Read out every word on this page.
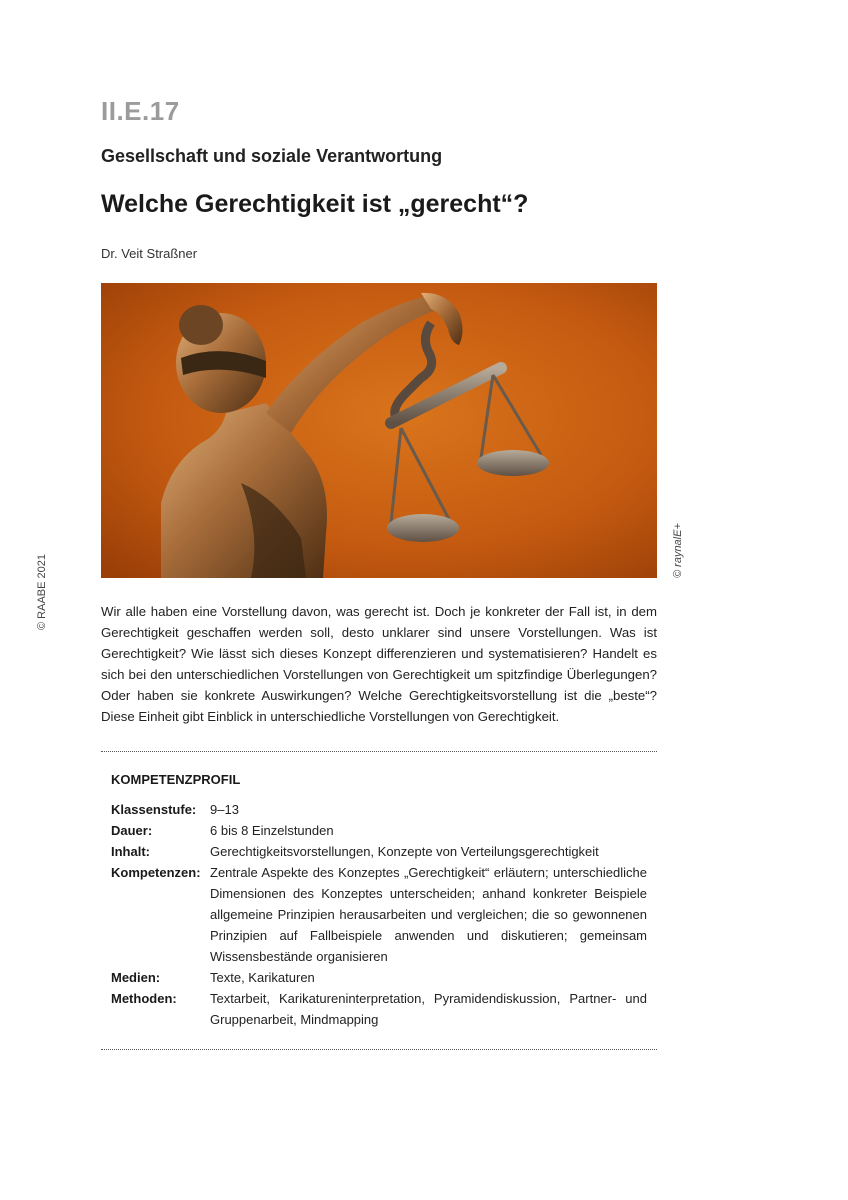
II.E.17
Gesellschaft und soziale Verantwortung
Welche Gerechtigkeit ist „gerecht“?
Dr. Veit Straßner
© raynalE+
© RAABE 2021	Wir alle haben eine Vorstellung davon, was gerecht ist. Doch je konkreter der Fall ist, in dem Gerechtigkeit geschaffen werden soll, desto unklarer sind unsere Vorstellungen. Was ist Gerechtigkeit? Wie lässt sich dieses Konzept differenzieren und systematisieren? Handelt es sich bei den unterschiedlichen Vorstellungen von Gerechtigkeit um spitzfindige Überlegungen? Oder haben sie konkrete Auswirkungen? Welche Gerechtigkeitsvorstellung ist die „beste“? Diese Einheit gibt Einblick in unterschiedliche Vorstellungen von Gerechtigkeit.

KOMPETENZPROFIL
Klassenstufe:	9–13
Dauer:	6 bis 8 Einzelstunden
Inhalt:	Gerechtigkeitsvorstellungen, Konzepte von Verteilungsgerechtigkeit
Kompetenzen:	Zentrale Aspekte des Konzeptes „Gerechtigkeit“ erläutern; unterschiedliche Dimensionen des Konzeptes unterscheiden; anhand konkreter Beispiele allgemeine Prinzipien herausarbeiten und vergleichen; die so gewonnenen Prinzipien auf Fallbeispiele anwenden und diskutieren; gemeinsam Wissensbestände organisieren
Medien:	Texte, Karikaturen
Methoden:	Textarbeit, Karikatureninterpretation, Pyramidendiskussion, Partner- und Gruppenarbeit, Mindmapping
